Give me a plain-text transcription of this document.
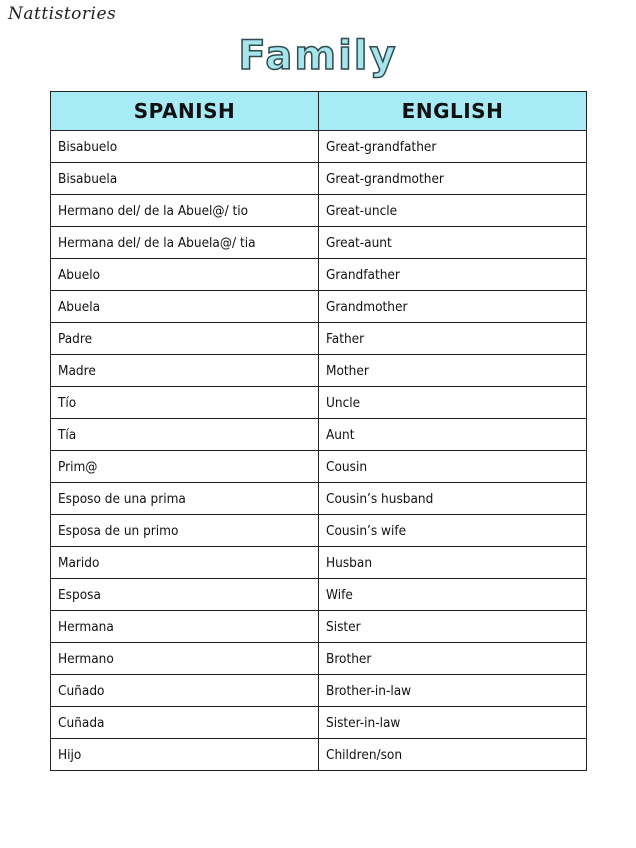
Nattistories
Family
SPANISH	ENGLISH
Bisabuelo	Great-grandfather
Bisabuela	Great-grandmother
Hermano del/ de la Abuel@/ tio	Great-uncle
Hermana del/ de la Abuela@/ tia	Great-aunt
Abuelo	Grandfather
Abuela	Grandmother
Padre	Father
Madre	Mother
Tío	Uncle
Tía	Aunt
Prim@	Cousin
Esposo de una prima	Cousin’s husband
Esposa de un primo	Cousin’s wife
Marido	Husban
Esposa	Wife
Hermana	Sister
Hermano	Brother
Cuñado	Brother-in-law
Cuñada	Sister-in-law
Hijo	Children/son
